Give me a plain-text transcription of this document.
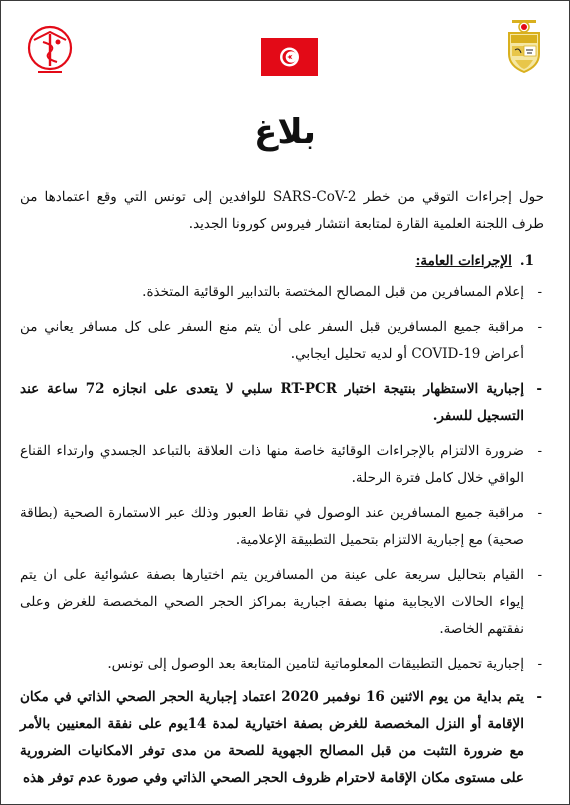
بلاغ

حول إجراءات التوقي من خطر SARS-CoV-2 للوافدين إلى تونس التي وقع اعتمادها من طرف اللجنة العلمية القارة لمتابعة انتشار فيروس كورونا الجديد.

1.الإجراءات العامة:
- إعلام المسافرين من قبل المصالح المختصة بالتدابير الوقائية المتخذة.
- مراقبة جميع المسافرين قبل السفر على أن يتم منع السفر على كل مسافر يعاني من أعراض COVID-19 أو لديه تحليل ايجابي.
- إجبارية الاستظهار بنتيجة اختبار RT-PCR سلبي لا يتعدى على انجازه 72 ساعة عند التسجيل للسفر.
- ضرورة الالتزام بالإجراءات الوقائية خاصة منها ذات العلاقة بالتباعد الجسدي وارتداء القناع الواقي خلال كامل فترة الرحلة.
- مراقبة جميع المسافرين عند الوصول في نقاط العبور وذلك عبر الاستمارة الصحية (بطاقة صحية) مع إجبارية الالتزام بتحميل التطبيقة الإعلامية.
- القيام بتحاليل سريعة على عينة من المسافرين يتم اختيارها بصفة عشوائية على ان يتم إيواء الحالات الايجابية منها بصفة اجبارية بمراكز الحجر الصحي المخصصة للغرض وعلى نفقتهم الخاصة.
- إجبارية تحميل التطبيقات المعلوماتية لتامين المتابعة بعد الوصول إلى تونس.
- يتم بداية من يوم الاثنين 16 نوفمبر 2020 اعتماد إجبارية الحجر الصحي الذاتي في مكان الإقامة أو النزل المخصصة للغرض بصفة اختيارية لمدة 14يوم على نفقة المعنيين بالأمر مع ضرورة التثبت من قبل المصالح الجهوية للصحة من مدى توفر الامكانيات الضرورية على مستوى مكان الإقامة لاحترام ظروف الحجر الصحي الذاتي وفي صورة عدم توفر هذه
